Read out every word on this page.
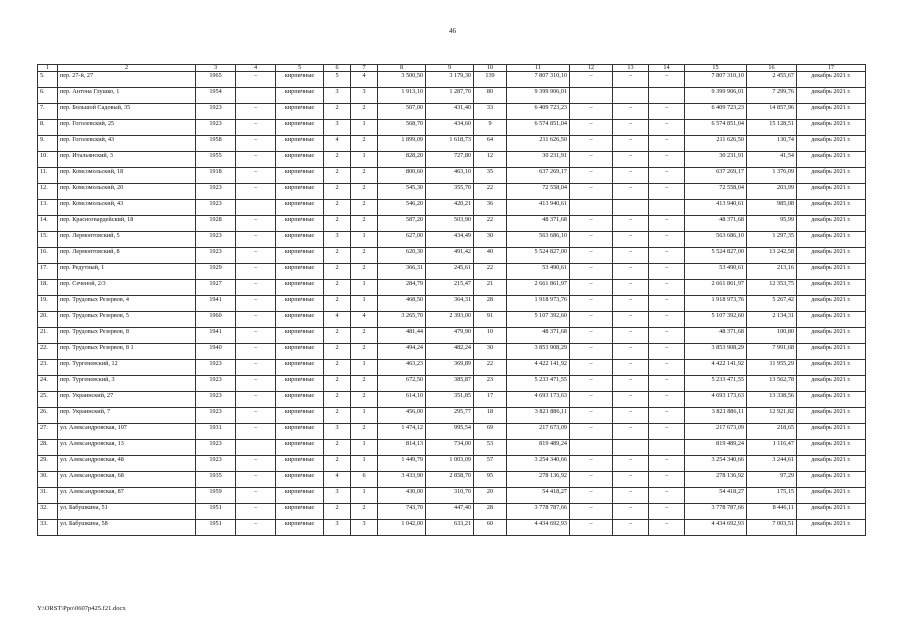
46
1	2	3	4	5	6	7	8	9	10	11	12	13	14	15	16	17
5.	пер. 27-й, 27	1965	–	кирпичные	5	4	3 500,50	3 179,30	139	7 807 310,10	–	–	–	7 807 310,10	2 455,67	декабрь 2021 г.
6.	пер. Антона Глушко, 1	1954		кирпичные	3	3	1 913,10	1 287,70	80	9 399 906,01				9 399 906,01	7 299,76	декабрь 2021 г.
7.	пер. Большой Садовый, 35	1923	–	кирпичные	2	2	507,00	431,40	33	6 409 723,23	–	–	–	6 409 723,23	14 857,96	декабрь 2021 г.
8.	пер. Гоголевский, 25	1923	–	кирпичные	3	1	568,70	434,60	9	6 574 851,04	–	–	–	6 574 851,04	15 128,51	декабрь 2021 г.
9.	пер. Гоголевский, 43	1958	–	кирпичные	4	2	1 899,09	1 618,73	64	211 626,50	–	–	–	211 626,50	130,74	декабрь 2021 г.
10.	пер. Итальянский, 3	1955	–	кирпичные	2	1	828,20	727,80	12	30 231,91	–	–	–	30 231,91	41,54	декабрь 2021 г.
11.	пер. Комсомольский, 18	1918	–	кирпичные	2	2	800,60	463,10	35	637 269,17	–	–	–	637 269,17	1 376,09	декабрь 2021 г.
12.	пер. Комсомольский, 20	1923	–	кирпичные	2	2	545,30	355,70	22	72 558,04	–	–	–	72 558,04	203,99	декабрь 2021 г.
13.	пер. Комсомольский, 43	1923		кирпичные	2	2	546,20	420,21	36	413 940,61				413 940,61	985,08	декабрь 2021 г.
14.	пер. Красногвардейский, 18	1928	–	кирпичные	2	2	587,20	503,90	22	48 371,68	–	–	–	48 371,68	95,99	декабрь 2021 г.
15.	пер. Лермонтовский, 5	1923	–	кирпичные	3	1	627,00	434,49	30	563 686,10	–	–	–	563 686,10	1 297,35	декабрь 2021 г.
16.	пер. Лермонтовский, 8	1923	–	кирпичные	2	2	620,30	491,42	40	5 524 827,00	–	–	–	5 524 827,00	13 242,58	декабрь 2021 г.
17.	пер. Редутный, 1	1929	–	кирпичные	2	2	366,31	245,61	22	53 490,61	–	–	–	53 490,61	213,16	декабрь 2021 г.
18.	пер. Сеченой, 2/3	1927	–	кирпичные	2	1	284,79	215,47	21	2 661 861,97	–	–	–	2 661 861,97	12 353,75	декабрь 2021 г.
19.	пер. Трудовых Резервов, 4	1941	–	кирпичные	2	1	468,50	364,31	28	1 918 973,76	–	–	–	1 918 973,76	5 267,42	декабрь 2021 г.
20.	пер. Трудовых Резервов, 5	1960	–	кирпичные	4	4	3 265,70	2 393,00	91	5 107 392,60	–	–	–	5 107 392,60	2 134,31	декабрь 2021 г.
21.	пер. Трудовых Резервов, 8	1941	–	кирпичные	2	2	481,44	479,90	10	48 371,68	–	–	–	48 371,68	100,80	декабрь 2021 г.
22.	пер. Трудовых Резервов, 8 1	1940	–	кирпичные	2	2	494,24	482,24	30	3 853 908,29	–	–	–	3 853 908,29	7 991,68	декабрь 2021 г.
23.	пер. Тургеневский, 12	1923	–	кирпичные	2	1	463,23	369,89	22	4 422 141,92	–	–	–	4 422 141,92	11 955,29	декабрь 2021 г.
24.	пер. Тургеневский, 3	1923	–	кирпичные	2	2	672,50	385,87	23	5 233 471,55	–	–	–	5 233 471,55	13 562,78	декабрь 2021 г.
25.	пер. Украинский, 27	1923	–	кирпичные	2	2	614,10	351,85	17	4 693 173,63	–	–	–	4 693 173,63	13 338,56	декабрь 2021 г.
26.	пер. Украинский, 7	1923	–	кирпичные	2	1	456,00	295,77	18	3 821 886,11	–	–	–	3 821 886,11	12 921,82	декабрь 2021 г.
27.	ул. Александровская, 107	1931	–	кирпичные	3	2	1 474,12	995,54	69	217 673,09	–	–	–	217 673,09	218,65	декабрь 2021 г.
28.	ул. Александровская, 13	1923		кирпичные	2	1	814,13	734,00	53	819 489,24				819 489,24	1 116,47	декабрь 2021 г.
29.	ул. Александровская, 48	1923	–	кирпичные	2	1	1 449,79	1 003,09	57	3 254 340,66	–	–	–	3 254 340,66	3 244,61	декабрь 2021 г.
30.	ул. Александровская, 68	1935	–	кирпичные	4	6	3 433,90	2 858,70	95	278 136,92	–	–	–	278 136,92	97,29	декабрь 2021 г.
31.	ул. Александровская, 87	1959	–	кирпичные	3	1	430,00	310,70	20	54 418,27	–	–	–	54 418,27	175,15	декабрь 2021 г.
32.	ул. Бабушкина, 51	1951	–	кирпичные	2	2	743,70	447,40	28	3 778 787,66	–	–	–	3 778 787,66	8 446,11	декабрь 2021 г.
33.	ул. Бабушкина, 58	1951	–	кирпичные	3	3	1 042,00	633,21	60	4 434 692,93	–	–	–	4 434 692,93	7 003,51	декабрь 2021 г.
Y:\ORST\Ppo\0607p425.f21.docx
